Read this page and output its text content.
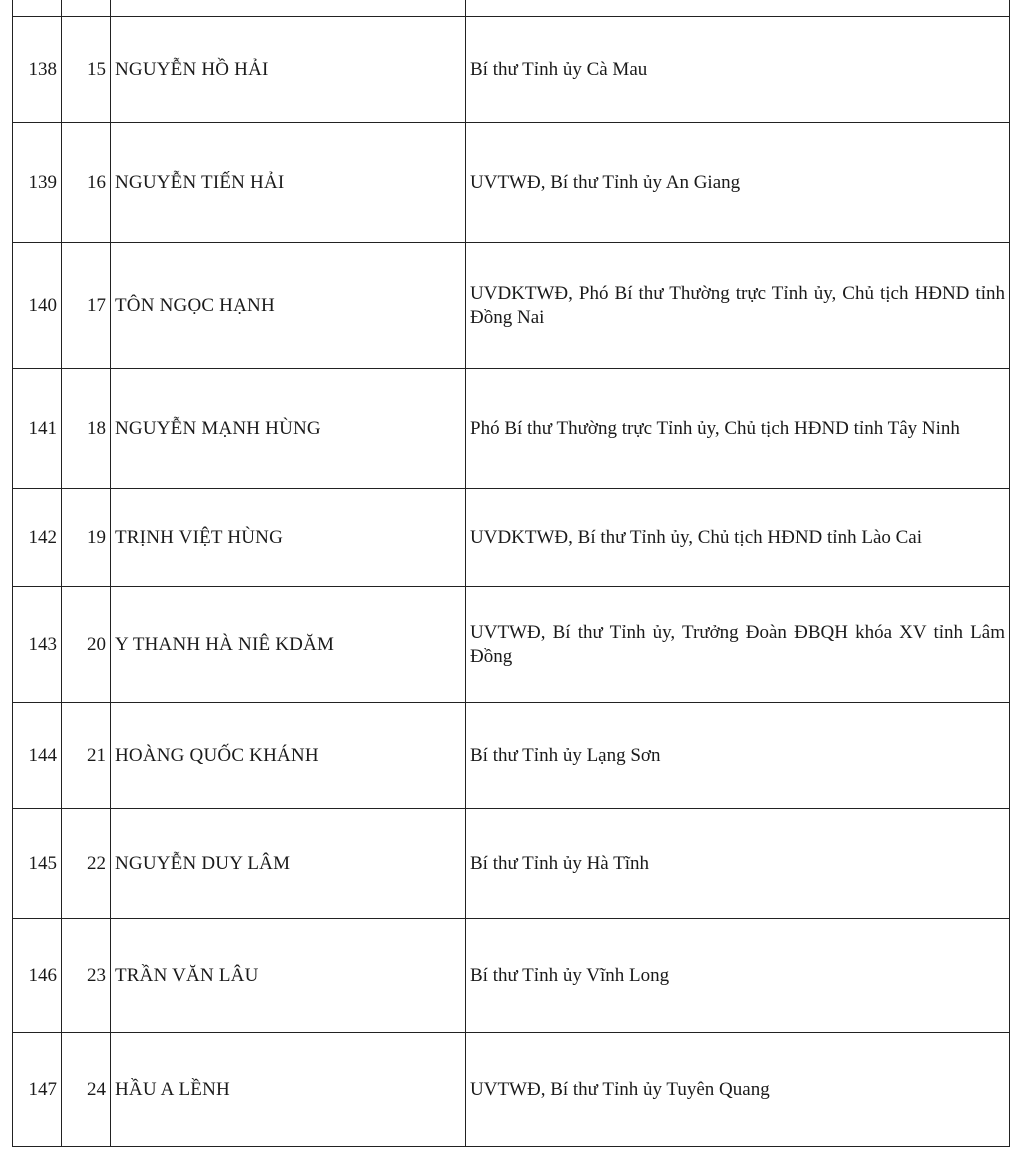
138	15	NGUYỄN HỒ HẢI	Bí thư Tỉnh ủy Cà Mau

139	16	NGUYỄN TIẾN HẢI	UVTWĐ, Bí thư Tỉnh ủy An Giang

140	17	TÔN NGỌC HẠNH	UVDKTWĐ, Phó Bí thư Thường trực Tỉnh ủy, Chủ tịch HĐND tỉnh Đồng Nai

141	18	NGUYỄN MẠNH HÙNG	Phó Bí thư Thường trực Tỉnh ủy, Chủ tịch HĐND tỉnh Tây Ninh

142	19	TRỊNH VIỆT HÙNG	UVDKTWĐ, Bí thư Tỉnh ủy, Chủ tịch HĐND tỉnh Lào Cai

143	20	Y THANH HÀ NIÊ KDĂM	UVTWĐ, Bí thư Tỉnh ủy, Trưởng Đoàn ĐBQH khóa XV tỉnh Lâm Đồng

144	21	HOÀNG QUỐC KHÁNH	Bí thư Tỉnh ủy Lạng Sơn

145	22	NGUYỄN DUY LÂM	Bí thư Tỉnh ủy Hà Tĩnh

146	23	TRẦN VĂN LÂU	Bí thư Tỉnh ủy Vĩnh Long

147	24	HẦU A LỀNH	UVTWĐ, Bí thư Tỉnh ủy Tuyên Quang
